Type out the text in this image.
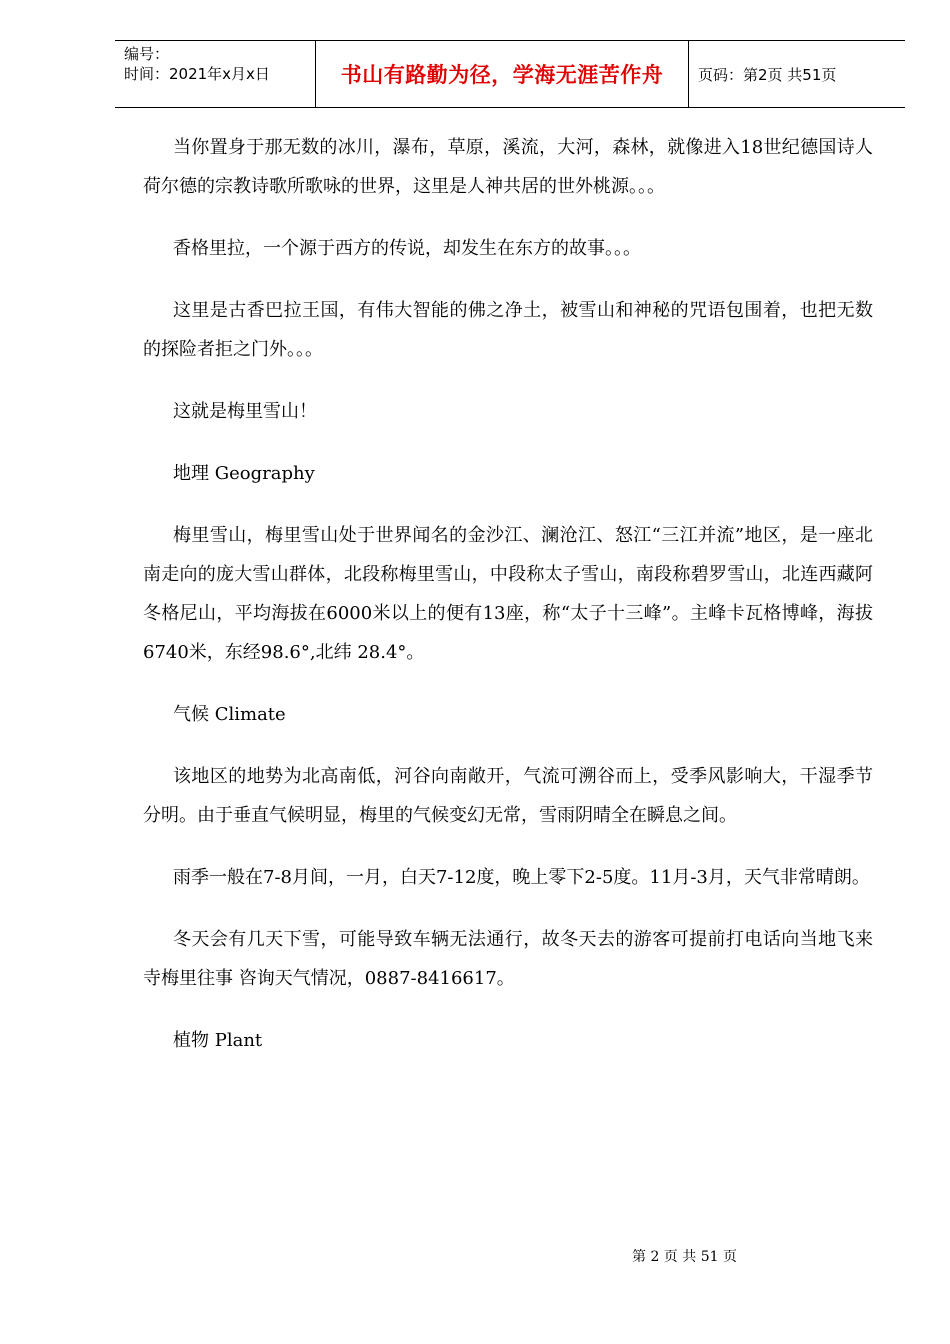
编号：
时间：2021年x月x日	书山有路勤为径，学海无涯苦作舟	页码：第2页 共51页

当你置身于那无数的冰川，瀑布，草原，溪流，大河，森林，就像进入18世纪德国诗人荷尔德的宗教诗歌所歌咏的世界，这里是人神共居的世外桃源。。。

香格里拉，一个源于西方的传说，却发生在东方的故事。。。

这里是古香巴拉王国，有伟大智能的佛之净土，被雪山和神秘的咒语包围着，也把无数的探险者拒之门外。。。

这就是梅里雪山！

地理 Geography

梅里雪山，梅里雪山处于世界闻名的金沙江、澜沧江、怒江“三江并流”地区，是一座北南走向的庞大雪山群体，北段称梅里雪山，中段称太子雪山，南段称碧罗雪山，北连西藏阿冬格尼山，平均海拔在6000米以上的便有13座，称“太子十三峰”。主峰卡瓦格博峰，海拔6740米，东经98.6°,北纬 28.4°。

气候 Climate

该地区的地势为北高南低，河谷向南敞开，气流可溯谷而上，受季风影响大，干湿季节分明。由于垂直气候明显，梅里的气候变幻无常，雪雨阴晴全在瞬息之间。

雨季一般在7-8月间，一月，白天7-12度，晚上零下2-5度。11月-3月，天气非常晴朗。

冬天会有几天下雪，可能导致车辆无法通行，故冬天去的游客可提前打电话向当地飞来寺梅里往事 咨询天气情况，0887-8416617。

植物 Plant

第 2 页 共 51 页
